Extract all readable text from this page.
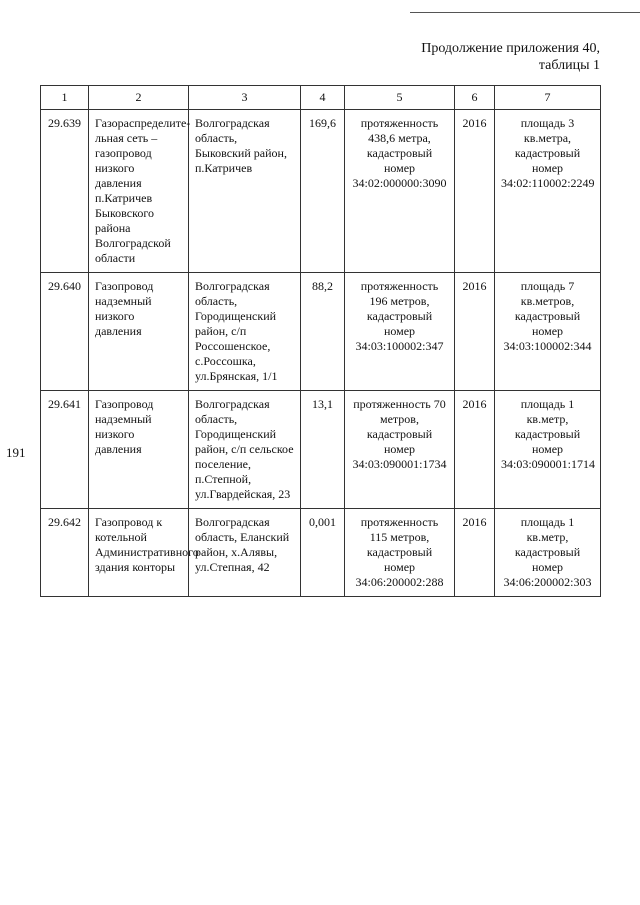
191
Продолжение приложения 40,
таблицы 1
1	2	3	4	5	6	7
29.639	Газораспределите-льная сеть – газопровод низкого давления п.Катричев Быковского района Волгоградской области	Волгоградская область, Быковский район, п.Катричев	169,6	протяженность 438,6 метра, кадастровый номер 34:02:000000:3090	2016	площадь 3 кв.метра, кадастровый номер 34:02:110002:2249
29.640	Газопровод надземный низкого давления	Волгоградская область, Городищенский район, с/п Россошенское, с.Россошка, ул.Брянская, 1/1	88,2	протяженность 196 метров, кадастровый номер 34:03:100002:347	2016	площадь 7 кв.метров, кадастровый номер 34:03:100002:344
29.641	Газопровод надземный низкого давления	Волгоградская область, Городищенский район, с/п сельское поселение, п.Степной, ул.Гвардейская, 23	13,1	протяженность 70 метров, кадастровый номер 34:03:090001:1734	2016	площадь 1 кв.метр, кадастровый номер 34:03:090001:1714
29.642	Газопровод к котельной Административного здания конторы	Волгоградская область, Еланский район, х.Алявы, ул.Степная, 42	0,001	протяженность 115 метров, кадастровый номер 34:06:200002:288	2016	площадь 1 кв.метр, кадастровый номер 34:06:200002:303
